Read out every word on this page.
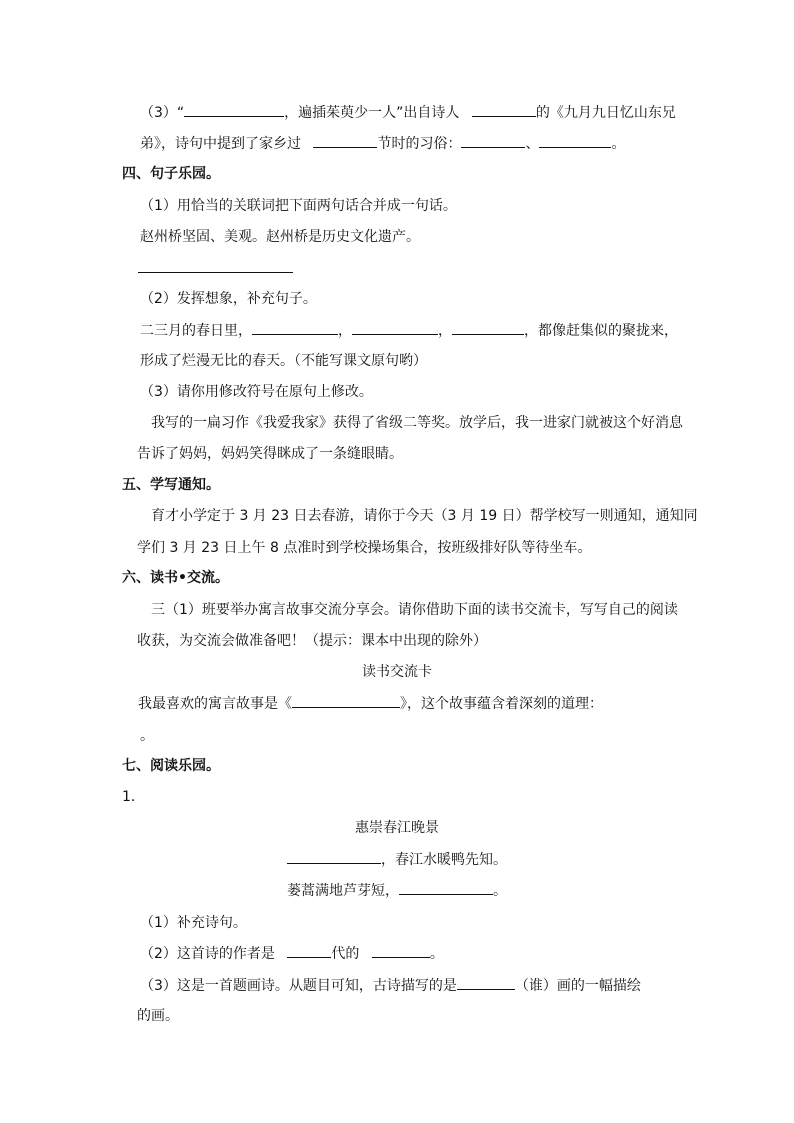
（3）“	，遍插茱萸少一人”出自诗人	的《九月九日忆山东兄
弟》，诗句中提到了家乡过	节时的习俗：	、	。
四、句子乐园。
（1）用恰当的关联词把下面两句话合并成一句话。
赵州桥坚固、美观。赵州桥是历史文化遗产。
（2）发挥想象，补充句子。
二三月的春日里，	，	，	，都像赶集似的聚拢来，
形成了烂漫无比的春天。（不能写课文原句哟）
（3）请你用修改符号在原句上修改。
我写的一扁习作《我爱我家》获得了省级二等奖。放学后，我一进家门就被这个好消息
告诉了妈妈，妈妈笑得眯成了一条缝眼睛。
五、学写通知。
育才小学定于 3 月 23 日去春游，请你于今天（3 月 19 日）帮学校写一则通知，通知同
学们 3 月 23 日上午 8 点准时到学校操场集合，按班级排好队等待坐车。
六、读书•交流。
三（1）班要举办寓言故事交流分享会。请你借助下面的读书交流卡，写写自己的阅读
收获，为交流会做准备吧！（提示：课本中出现的除外）
读书交流卡
我最喜欢的寓言故事是《	》，这个故事蕴含着深刻的道理：
。
七、阅读乐园。
1．
惠崇春江晚景
，春江水暖鸭先知。
蒌蒿满地芦芽短，	。
（1）补充诗句。
（2）这首诗的作者是	代的	。
（3）这是一首题画诗。从题目可知，古诗描写的是	（谁）画的一幅描绘
的画。
